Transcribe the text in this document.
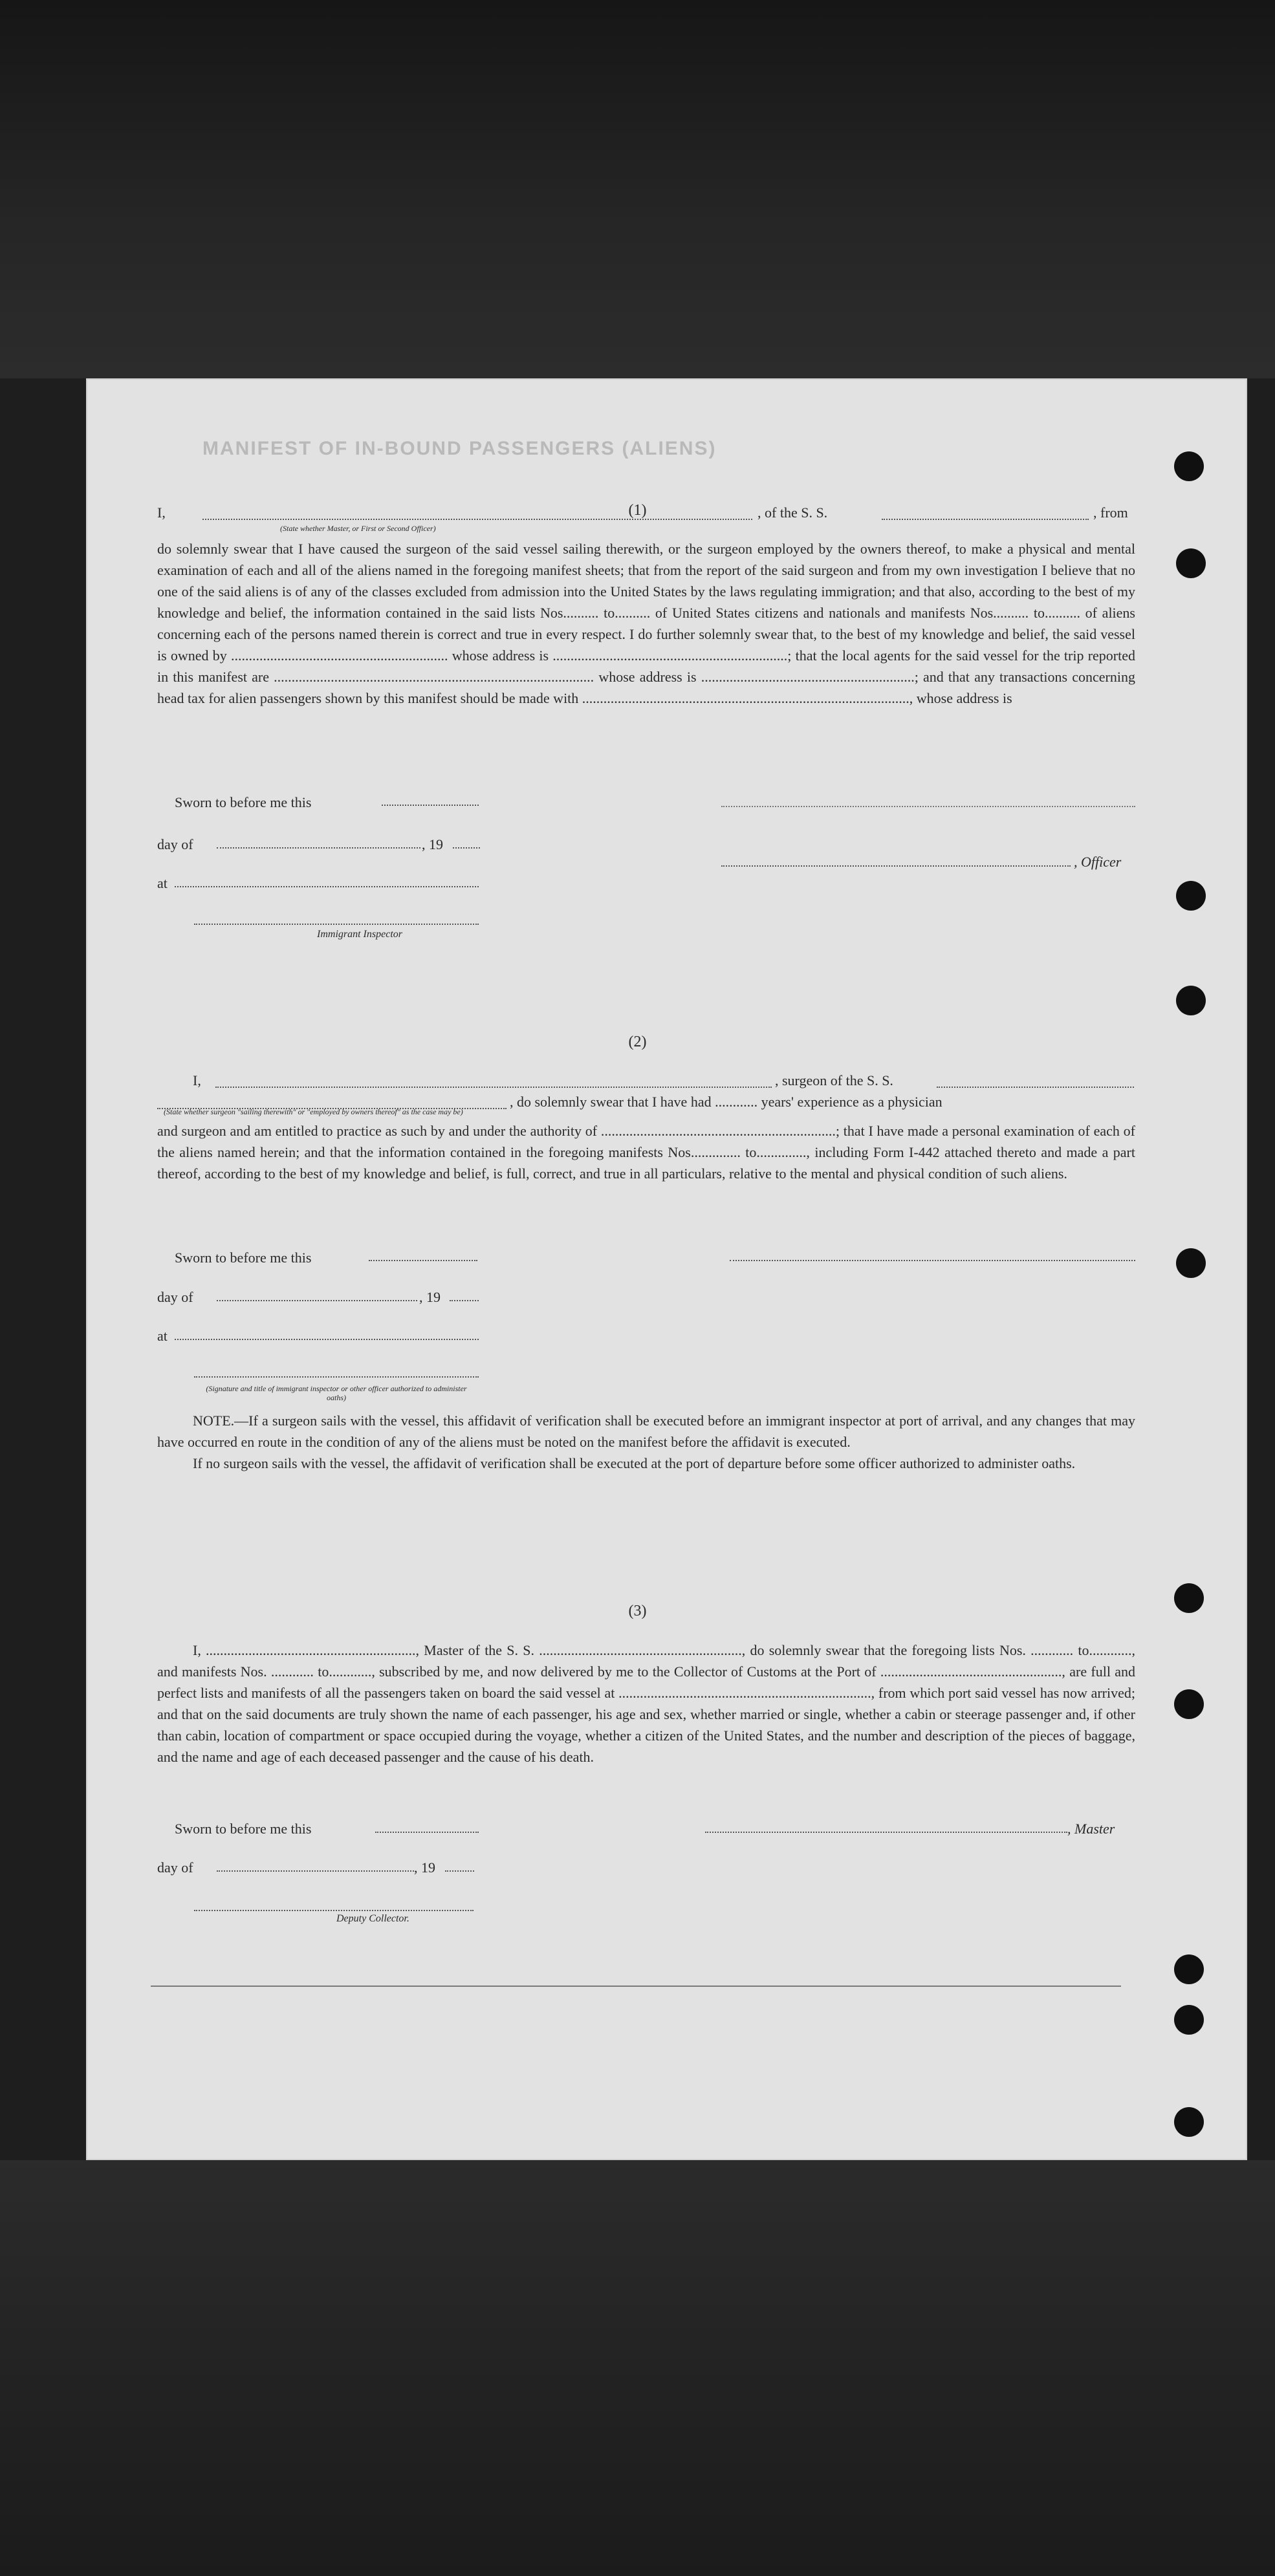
MANIFEST OF IN-BOUND PASSENGERS (ALIENS)
(1)
I,	, of the S. S.	, from
(State whether Master, or First or Second Officer)

do solemnly swear that I have caused the surgeon of the said vessel sailing therewith, or the surgeon employed by the owners thereof, to make a physical and mental examination of each and all of the aliens named in the foregoing manifest sheets; that from the report of the said surgeon and from my own investigation I believe that no one of the said aliens is of any of the classes excluded from admission into the United States by the laws regulating immigration; and that also, according to the best of my knowledge and belief, the information contained in the said lists Nos.......... to.......... of United States citizens and nationals and manifests Nos.......... to.......... of aliens concerning each of the persons named therein is correct and true in every respect. I do further solemnly swear that, to the best of my knowledge and belief, the said vessel is owned by ............................................................. whose address is ..................................................................; that the local agents for the said vessel for the trip reported in this manifest are .......................................................................................... whose address is ............................................................; and that any transactions concerning head tax for alien passengers shown by this manifest should be made with ............................................................................................, whose address is

Sworn to before me this
day of	, 19
, Officer
at
Immigrant Inspector
(2)
I,	, surgeon of the S. S.
, do solemnly swear that I have had ............ years' experience as a physician
(State whether surgeon "sailing therewith" or "employed by owners thereof" as the case may be)

and surgeon and am entitled to practice as such by and under the authority of ..................................................................; that I have made a personal examination of each of the aliens named herein; and that the information contained in the foregoing manifests Nos.............. to.............., including Form I-442 attached thereto and made a part thereof, according to the best of my knowledge and belief, is full, correct, and true in all particulars, relative to the mental and physical condition of such aliens.

Sworn to before me this
day of	, 19
at
(Signature and title of immigrant inspector or other officer authorized to administer oaths)

NOTE.—If a surgeon sails with the vessel, this affidavit of verification shall be executed before an immigrant inspector at port of arrival, and any changes that may have occurred en route in the condition of any of the aliens must be noted on the manifest before the affidavit is executed.

If no surgeon sails with the vessel, the affidavit of verification shall be executed at the port of departure before some officer authorized to administer oaths.

(3)

I, ..........................................................., Master of the S. S. ........................................................., do solemnly swear that the foregoing lists Nos. ............ to............, and manifests Nos. ............ to............, subscribed by me, and now delivered by me to the Collector of Customs at the Port of ..................................................., are full and perfect lists and manifests of all the passengers taken on board the said vessel at ......................................................................., from which port said vessel has now arrived; and that on the said documents are truly shown the name of each passenger, his age and sex, whether married or single, whether a cabin or steerage passenger and, if other than cabin, location of compartment or space occupied during the voyage, whether a citizen of the United States, and the number and description of the pieces of baggage, and the name and age of each deceased passenger and the cause of his death.

Sworn to before me this	, Master
day of	, 19
Deputy Collector.
